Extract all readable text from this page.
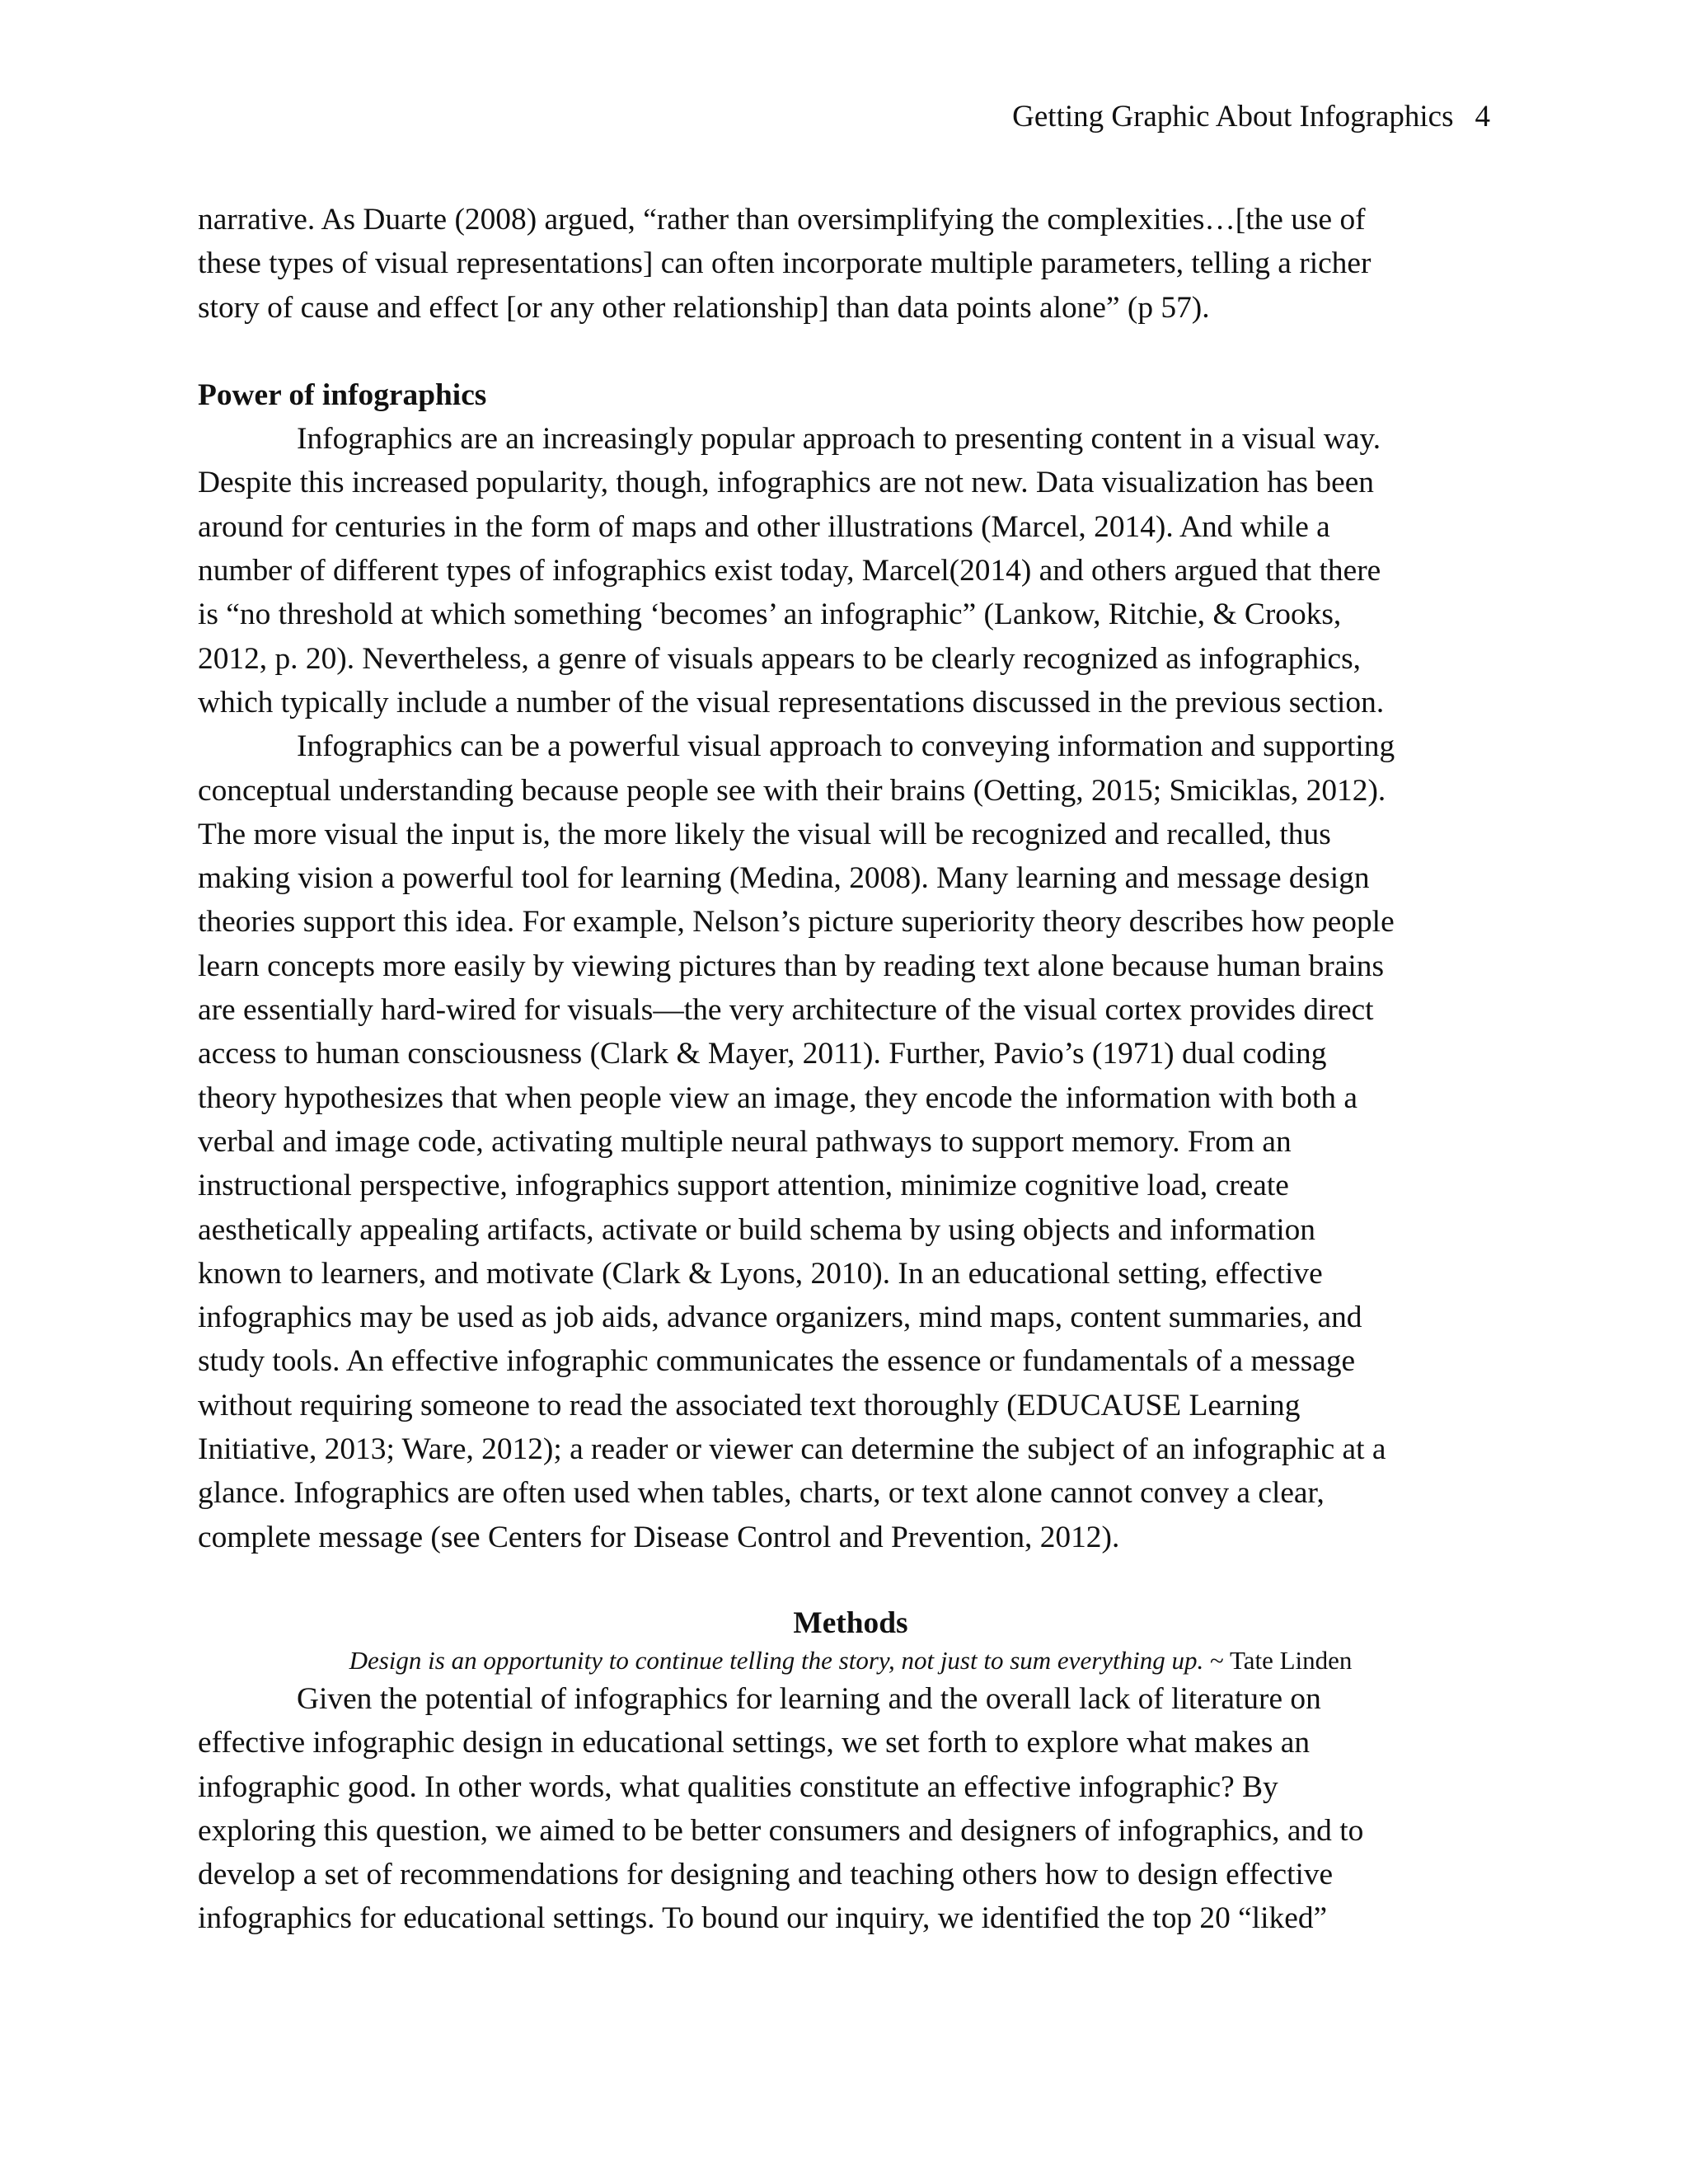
Getting Graphic About Infographics 4

narrative. As Duarte (2008) argued, “rather than oversimplifying the complexities…[the use of
these types of visual representations] can often incorporate multiple parameters, telling a richer
story of cause and effect [or any other relationship] than data points alone” (p 57).

Power of infographics

Infographics are an increasingly popular approach to presenting content in a visual way.
Despite this increased popularity, though, infographics are not new. Data visualization has been
around for centuries in the form of maps and other illustrations (Marcel, 2014). And while a
number of different types of infographics exist today, Marcel(2014) and others argued that there
is “no threshold at which something ‘becomes’ an infographic” (Lankow, Ritchie, & Crooks,
2012, p. 20). Nevertheless, a genre of visuals appears to be clearly recognized as infographics,
which typically include a number of the visual representations discussed in the previous section.

Infographics can be a powerful visual approach to conveying information and supporting
conceptual understanding because people see with their brains (Oetting, 2015; Smiciklas, 2012).
The more visual the input is, the more likely the visual will be recognized and recalled, thus
making vision a powerful tool for learning (Medina, 2008). Many learning and message design
theories support this idea. For example, Nelson’s picture superiority theory describes how people
learn concepts more easily by viewing pictures than by reading text alone because human brains
are essentially hard-wired for visuals—the very architecture of the visual cortex provides direct
access to human consciousness (Clark & Mayer, 2011). Further, Pavio’s (1971) dual coding
theory hypothesizes that when people view an image, they encode the information with both a
verbal and image code, activating multiple neural pathways to support memory. From an
instructional perspective, infographics support attention, minimize cognitive load, create
aesthetically appealing artifacts, activate or build schema by using objects and information
known to learners, and motivate (Clark & Lyons, 2010). In an educational setting, effective
infographics may be used as job aids, advance organizers, mind maps, content summaries, and
study tools. An effective infographic communicates the essence or fundamentals of a message
without requiring someone to read the associated text thoroughly (EDUCAUSE Learning
Initiative, 2013; Ware, 2012); a reader or viewer can determine the subject of an infographic at a
glance. Infographics are often used when tables, charts, or text alone cannot convey a clear,
complete message (see Centers for Disease Control and Prevention, 2012).

Methods

Design is an opportunity to continue telling the story, not just to sum everything up. ~ Tate Linden

Given the potential of infographics for learning and the overall lack of literature on
effective infographic design in educational settings, we set forth to explore what makes an
infographic good. In other words, what qualities constitute an effective infographic? By
exploring this question, we aimed to be better consumers and designers of infographics, and to
develop a set of recommendations for designing and teaching others how to design effective
infographics for educational settings. To bound our inquiry, we identified the top 20 “liked”
